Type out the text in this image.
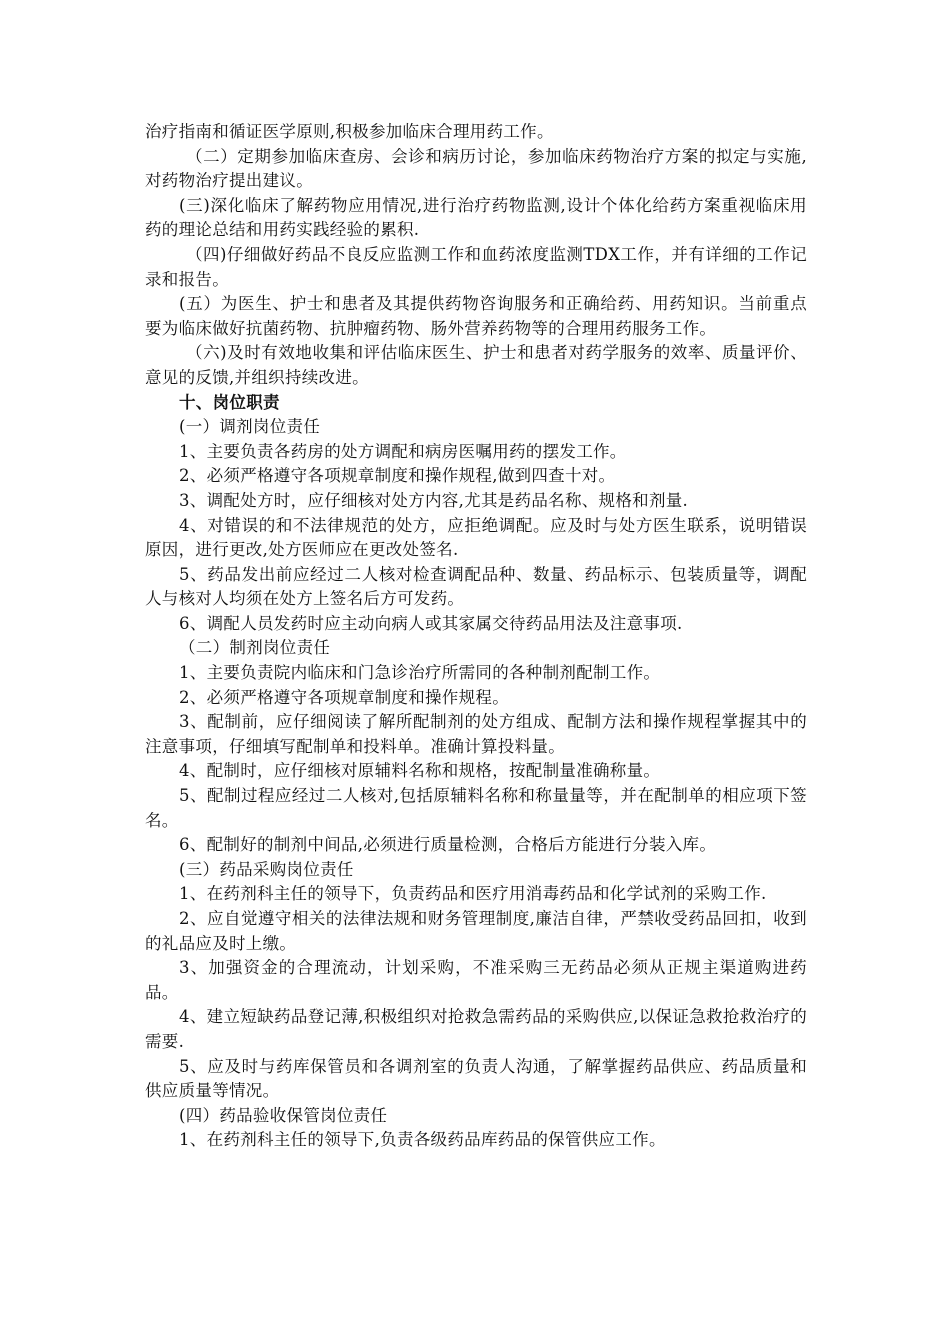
治疗指南和循证医学原则,积极参加临床合理用药工作。

（二）定期参加临床查房、会诊和病历讨论，参加临床药物治疗方案的拟定与实施,对药物治疗提出建议。

(三)深化临床了解药物应用情况,进行治疗药物监测,设计个体化给药方案重视临床用药的理论总结和用药实践经验的累积.

（四)仔细做好药品不良反应监测工作和血药浓度监测TDX工作，并有详细的工作记录和报告。

(五）为医生、护士和患者及其提供药物咨询服务和正确给药、用药知识。当前重点要为临床做好抗菌药物、抗肿瘤药物、肠外营养药物等的合理用药服务工作。

（六)及时有效地收集和评估临床医生、护士和患者对药学服务的效率、质量评价、意见的反馈,并组织持续改进。

十、岗位职责

(一）调剂岗位责任

1、主要负责各药房的处方调配和病房医嘱用药的摆发工作。

2、必须严格遵守各项规章制度和操作规程,做到四查十对。

3、调配处方时，应仔细核对处方内容,尤其是药品名称、规格和剂量.

4、对错误的和不法律规范的处方，应拒绝调配。应及时与处方医生联系，说明错误原因，进行更改,处方医师应在更改处签名.

5、药品发出前应经过二人核对检查调配品种、数量、药品标示、包装质量等，调配人与核对人均须在处方上签名后方可发药。

6、调配人员发药时应主动向病人或其家属交待药品用法及注意事项.

（二）制剂岗位责任

1、主要负责院内临床和门急诊治疗所需同的各种制剂配制工作。

2、必须严格遵守各项规章制度和操作规程。

3、配制前，应仔细阅读了解所配制剂的处方组成、配制方法和操作规程掌握其中的注意事项，仔细填写配制单和投料单。准确计算投料量。

4、配制时，应仔细核对原辅料名称和规格，按配制量准确称量。

5、配制过程应经过二人核对,包括原辅料名称和称量量等，并在配制单的相应项下签名。

6、配制好的制剂中间品,必须进行质量检测，合格后方能进行分装入库。

(三）药品采购岗位责任

1、在药剂科主任的领导下，负责药品和医疗用消毒药品和化学试剂的采购工作.

2、应自觉遵守相关的法律法规和财务管理制度,廉洁自律，严禁收受药品回扣，收到的礼品应及时上缴。

3、加强资金的合理流动，计划采购，不准采购三无药品必须从正规主渠道购进药品。

4、建立短缺药品登记薄,积极组织对抢救急需药品的采购供应,以保证急救抢救治疗的需要.

5、应及时与药库保管员和各调剂室的负责人沟通，了解掌握药品供应、药品质量和供应质量等情况。

(四）药品验收保管岗位责任

1、在药剂科主任的领导下,负责各级药品库药品的保管供应工作。
